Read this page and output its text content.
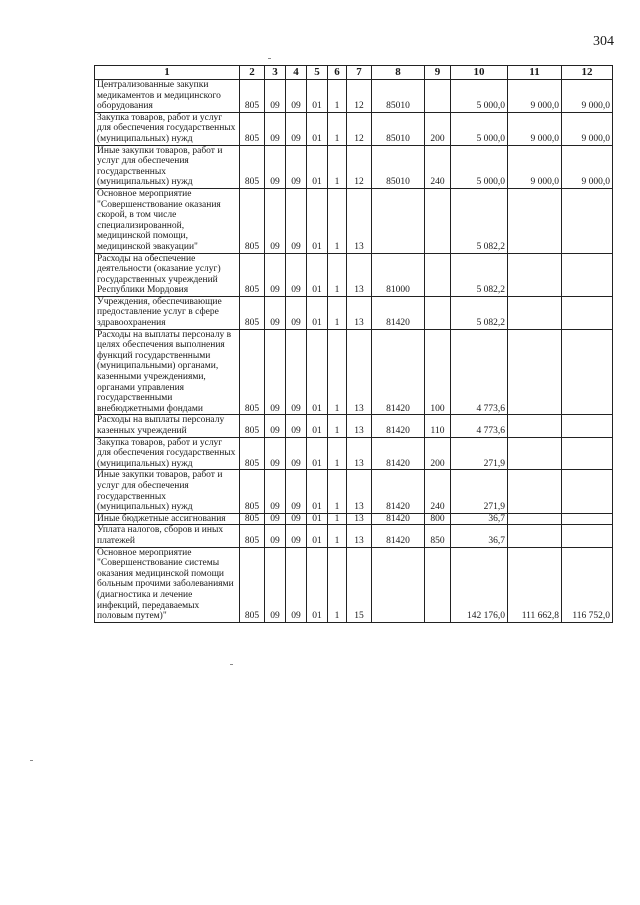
304
1	2	3	4	5	6	7	8	9	10	11	12
Централизованные закупки медикаментов и медицинского оборудования	805	09	09	01	1	12	85010		5 000,0	9 000,0	9 000,0
Закупка товаров, работ и услуг для обеспечения государственных (муниципальных) нужд	805	09	09	01	1	12	85010	200	5 000,0	9 000,0	9 000,0
Иные закупки товаров, работ и услуг для обеспечения государственных (муниципальных) нужд	805	09	09	01	1	12	85010	240	5 000,0	9 000,0	9 000,0
Основное мероприятие "Совершенствование оказания скорой, в том числе специализированной, медицинской помощи, медицинской эвакуации"	805	09	09	01	1	13			5 082,2		
Расходы на обеспечение деятельности (оказание услуг) государственных учреждений Республики Мордовия	805	09	09	01	1	13	81000		5 082,2		
Учреждения, обеспечивающие предоставление услуг в сфере здравоохранения	805	09	09	01	1	13	81420		5 082,2		
Расходы на выплаты персоналу в целях обеспечения выполнения функций государственными (муниципальными) органами, казенными учреждениями, органами управления государственными внебюджетными фондами	805	09	09	01	1	13	81420	100	4 773,6		
Расходы на выплаты персоналу казенных учреждений	805	09	09	01	1	13	81420	110	4 773,6		
Закупка товаров, работ и услуг для обеспечения государственных (муниципальных) нужд	805	09	09	01	1	13	81420	200	271,9		
Иные закупки товаров, работ и услуг для обеспечения государственных (муниципальных) нужд	805	09	09	01	1	13	81420	240	271,9		
Иные бюджетные ассигнования	805	09	09	01	1	13	81420	800	36,7		
Уплата налогов, сборов и иных платежей	805	09	09	01	1	13	81420	850	36,7		
Основное мероприятие "Совершенствование системы оказания медицинской помощи больным прочими заболеваниями (диагностика и лечение инфекций, передаваемых половым путем)"	805	09	09	01	1	15			142 176,0	111 662,8	116 752,0
